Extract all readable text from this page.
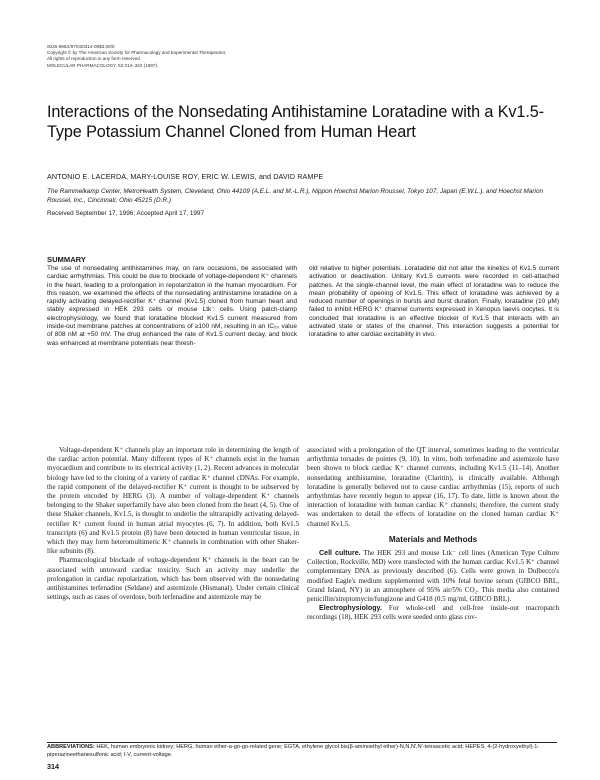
0026-895X/97/020314-09$3.00/0
Copyright © by The American Society for Pharmacology and Experimental Therapeutics
All rights of reproduction in any form reserved.
MOLECULAR PHARMACOLOGY, 52:314–322 (1997).
Interactions of the Nonsedating Antihistamine Loratadine with a Kv1.5-Type Potassium Channel Cloned from Human Heart
ANTONIO E. LACERDA, MARY-LOUISE ROY, ERIC W. LEWIS, and DAVID RAMPE
The Rammelkamp Center, MetroHealth System, Cleveland, Ohio 44109 (A.E.L. and M.-L.R.), Nippon Hoechst Marion Roussel, Tokyo 107, Japan (E.W.L.), and Hoechst Marion Roussel, Inc., Cincinnati, Ohio 45215 (D.R.)
Received September 17, 1996; Accepted April 17, 1997
SUMMARY
The use of nonsedating antihistamines may, on rare occasions, be associated with cardiac arrhythmias. This could be due to blockade of voltage-dependent K⁺ channels in the heart, leading to a prolongation in repolarization in the human myocardium. For this reason, we examined the effects of the nonsedating antihistamine loratadine on a rapidly activating delayed-rectifier K⁺ channel (Kv1.5) cloned from human heart and stably expressed in HEK 293 cells or mouse Ltk⁻ cells. Using patch-clamp electrophysiology, we found that loratadine blocked Kv1.5 current measured from inside-out membrane patches at concentrations of ≥100 nM, resulting in an IC₅₀ value of 808 nM at +50 mV. The drug enhanced the rate of Kv1.5 current decay, and block was enhanced at membrane potentials near thresh-
old relative to higher potentials. Loratadine did not alter the kinetics of Kv1.5 current activation or deactivation. Unitary Kv1.5 currents were recorded in cell-attached patches. At the single-channel level, the main effect of loratadine was to reduce the mean probability of opening of Kv1.5. This effect of loratadine was achieved by a reduced number of openings in bursts and burst duration. Finally, loratadine (10 μM) failed to inhibit HERG K⁺ channel currents expressed in Xenopus laevis oocytes. It is concluded that loratadine is an effective blocker of Kv1.5 that interacts with an activated state or states of the channel. This interaction suggests a potential for loratadine to alter cardiac excitability in vivo.

Voltage-dependent K⁺ channels play an important role in determining the length of the cardiac action potential. Many different types of K⁺ channels exist in the human myocardium and contribute to its electrical activity (1, 2). Recent advances in molecular biology have led to the cloning of a variety of cardiac K⁺ channel cDNAs. For example, the rapid component of the delayed-rectifier K⁺ current is thought to be subserved by the protein encoded by HERG (3). A number of voltage-dependent K⁺ channels belonging to the Shaker superfamily have also been cloned from the heart (4, 5). One of these Shaker channels, Kv1.5, is thought to underlie the ultrarapidly activating delayed-rectifier K⁺ current found in human atrial myocytes (6, 7). In addition, both Kv1.5 transcripts (6) and Kv1.5 protein (8) have been detected in human ventricular tissue, in which they may form heteromultimeric K⁺ channels in combination with other Shaker-like subunits (8).

Pharmacological blockade of voltage-dependent K⁺ channels in the heart can be associated with untoward cardiac toxicity. Such an activity may underlie the prolongation in cardiac repolarization, which has been observed with the nonsedating antihistamines terfenadine (Seldane) and astemizole (Hismanal). Under certain clinical settings, such as cases of overdose, both terfenadine and astemizole may be

associated with a prolongation of the QT interval, sometimes leading to the ventricular arrhythmia torsades de pointes (9, 10). In vitro, both terfenadine and astemizole have been shown to block cardiac K⁺ channel currents, including Kv1.5 (11–14). Another nonsedating antihistamine, loratadine (Claritin), is clinically available. Although loratadine is generally believed not to cause cardiac arrhythmias (15), reports of such arrhythmias have recently begun to appear (16, 17). To date, little is known about the interaction of loratadine with human cardiac K⁺ channels; therefore, the current study was undertaken to detail the effects of loratadine on the cloned human cardiac K⁺ channel Kv1.5.

Materials and Methods

Cell culture. The HEK 293 and mouse Ltk⁻ cell lines (American Type Culture Collection, Rockville, MD) were transfected with the human cardiac Kv1.5 K⁺ channel complementary DNA as previously described (6). Cells were grown in Dulbecco's modified Eagle's medium supplemented with 10% fetal bovine serum (GIBCO BRL, Grand Island, NY) in an atmosphere of 95% air/5% CO₂. This media also contained penicillin/streptomycin/fungizone and G418 (0.5 mg/ml, GIBCO BRL).

Electrophysiology. For whole-cell and cell-free inside-out macropatch recordings (18), HEK 293 cells were seeded onto glass cov-

ABBREVIATIONS: HEK, human embryonic kidney; HERG, human ether-a-go-go-related gene; EGTA, ethylene glycol bis(β-aminoethyl ether)-N,N,N′,N′-tetraacetic acid; HEPES, 4-(2-hydroxyethyl)-1-piperazineethanesulfonic acid; I-V, current-voltage.
314
